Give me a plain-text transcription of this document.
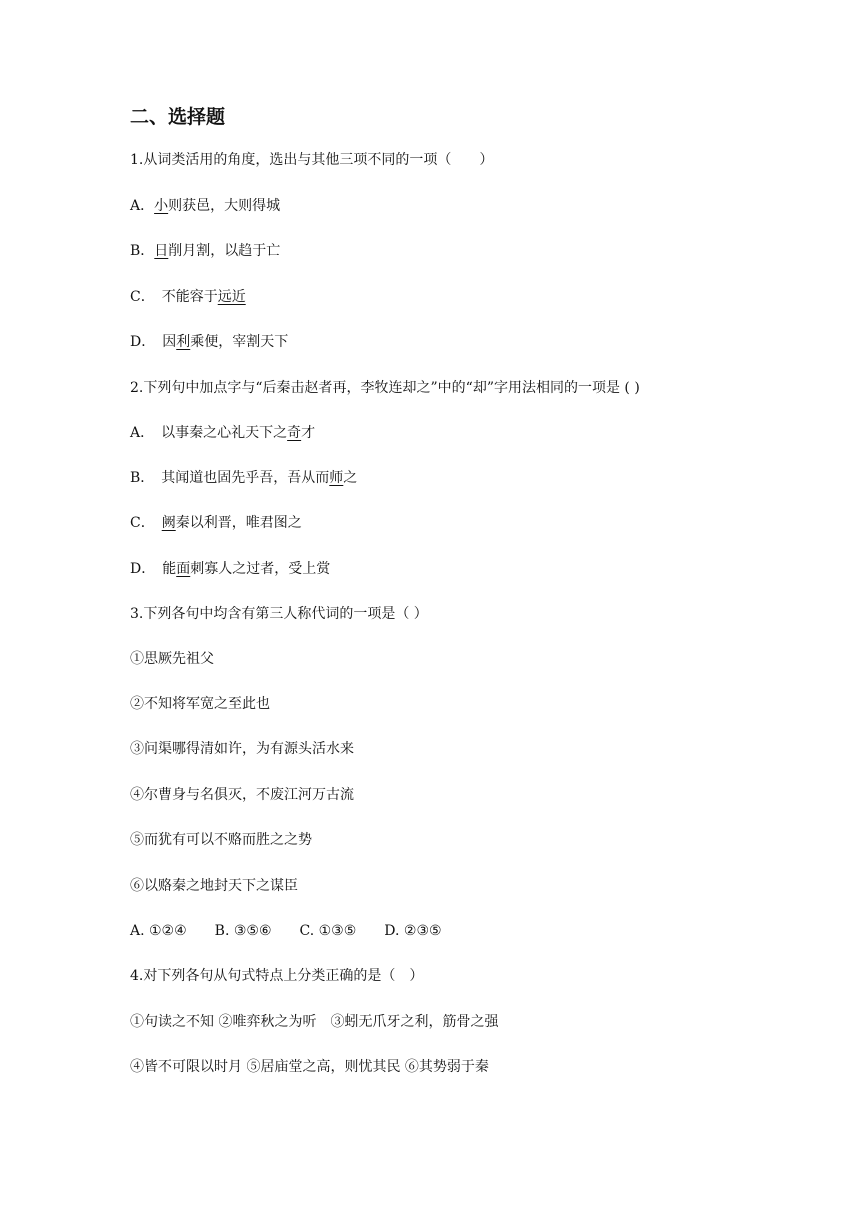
二、选择题
1.从词类活用的角度，选出与其他三项不同的一项（　　）
A．小则获邑，大则得城
B．日削月割，以趋于亡
C．　不能容于远近
D．　因利乘便，宰割天下
2.下列句中加点字与“后秦击赵者再，李牧连却之”中的“却”字用法相同的一项是 ( )
A．　以事秦之心礼天下之奇才
B．　其闻道也固先乎吾，吾从而师之
C．　 阙秦以利晋，唯君图之
D．　能面刺寡人之过者，受上赏
3.下列各句中均含有第三人称代词的一项是（ ）
①思厥先祖父
②不知将军宽之至此也
③问渠哪得清如许，为有源头活水来
④尔曹身与名俱灭，不废江河万古流
⑤而犹有可以不赂而胜之之势
⑥以赂秦之地封天下之谋臣
A. ①②④　　B. ③⑤⑥　　C. ①③⑤　　D. ②③⑤
4.对下列各句从句式特点上分类正确的是（　）
①句读之不知 ②唯弈秋之为听　③蚓无爪牙之利，筋骨之强
④皆不可限以时月 ⑤居庙堂之高，则忧其民 ⑥其势弱于秦
